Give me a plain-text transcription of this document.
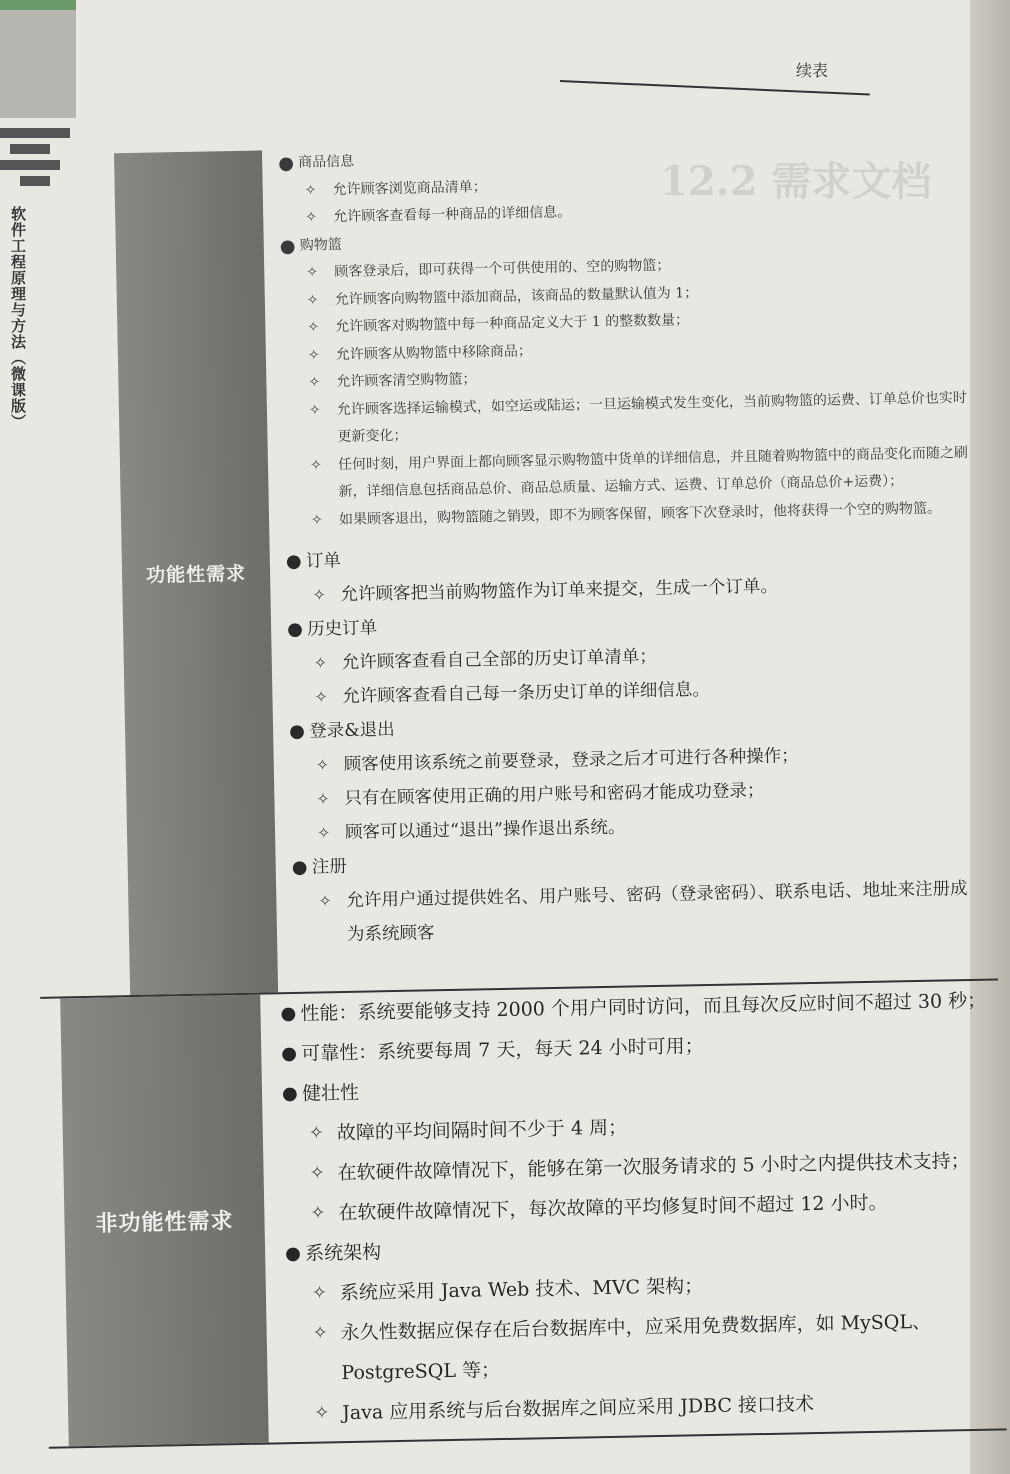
软件工程原理与方法（微课版）
12.2 需求文档
续表
功能性需求
● 商品信息
✧ 允许顾客浏览商品清单；
✧ 允许顾客查看每一种商品的详细信息。
● 购物篮
✧ 顾客登录后，即可获得一个可供使用的、空的购物篮；
✧ 允许顾客向购物篮中添加商品，该商品的数量默认值为 1；
✧ 允许顾客对购物篮中每一种商品定义大于 1 的整数数量；
✧ 允许顾客从购物篮中移除商品；
✧ 允许顾客清空购物篮；
✧ 允许顾客选择运输模式，如空运或陆运；一旦运输模式发生变化，当前购物篮的运费、订单总价也实时更新变化；
✧ 任何时刻，用户界面上都向顾客显示购物篮中货单的详细信息，并且随着购物篮中的商品变化而随之刷新，详细信息包括商品总价、商品总质量、运输方式、运费、订单总价（商品总价+运费）；
✧ 如果顾客退出，购物篮随之销毁，即不为顾客保留，顾客下次登录时，他将获得一个空的购物篮。
● 订单
✧ 允许顾客把当前购物篮作为订单来提交，生成一个订单。
● 历史订单
✧ 允许顾客查看自己全部的历史订单清单；
✧ 允许顾客查看自己每一条历史订单的详细信息。
● 登录&退出
✧ 顾客使用该系统之前要登录，登录之后才可进行各种操作；
✧ 只有在顾客使用正确的用户账号和密码才能成功登录；
✧ 顾客可以通过“退出”操作退出系统。
● 注册
✧ 允许用户通过提供姓名、用户账号、密码（登录密码）、联系电话、地址来注册成为系统顾客
非功能性需求
● 性能：系统要能够支持 2000 个用户同时访问，而且每次反应时间不超过 30 秒；
● 可靠性：系统要每周 7 天，每天 24 小时可用；
● 健壮性
✧ 故障的平均间隔时间不少于 4 周；
✧ 在软硬件故障情况下，能够在第一次服务请求的 5 小时之内提供技术支持；
✧ 在软硬件故障情况下，每次故障的平均修复时间不超过 12 小时。
● 系统架构
✧ 系统应采用 Java Web 技术、MVC 架构；
✧ 永久性数据应保存在后台数据库中，应采用免费数据库，如 MySQL、PostgreSQL 等；
✧ Java 应用系统与后台数据库之间应采用 JDBC 接口技术
